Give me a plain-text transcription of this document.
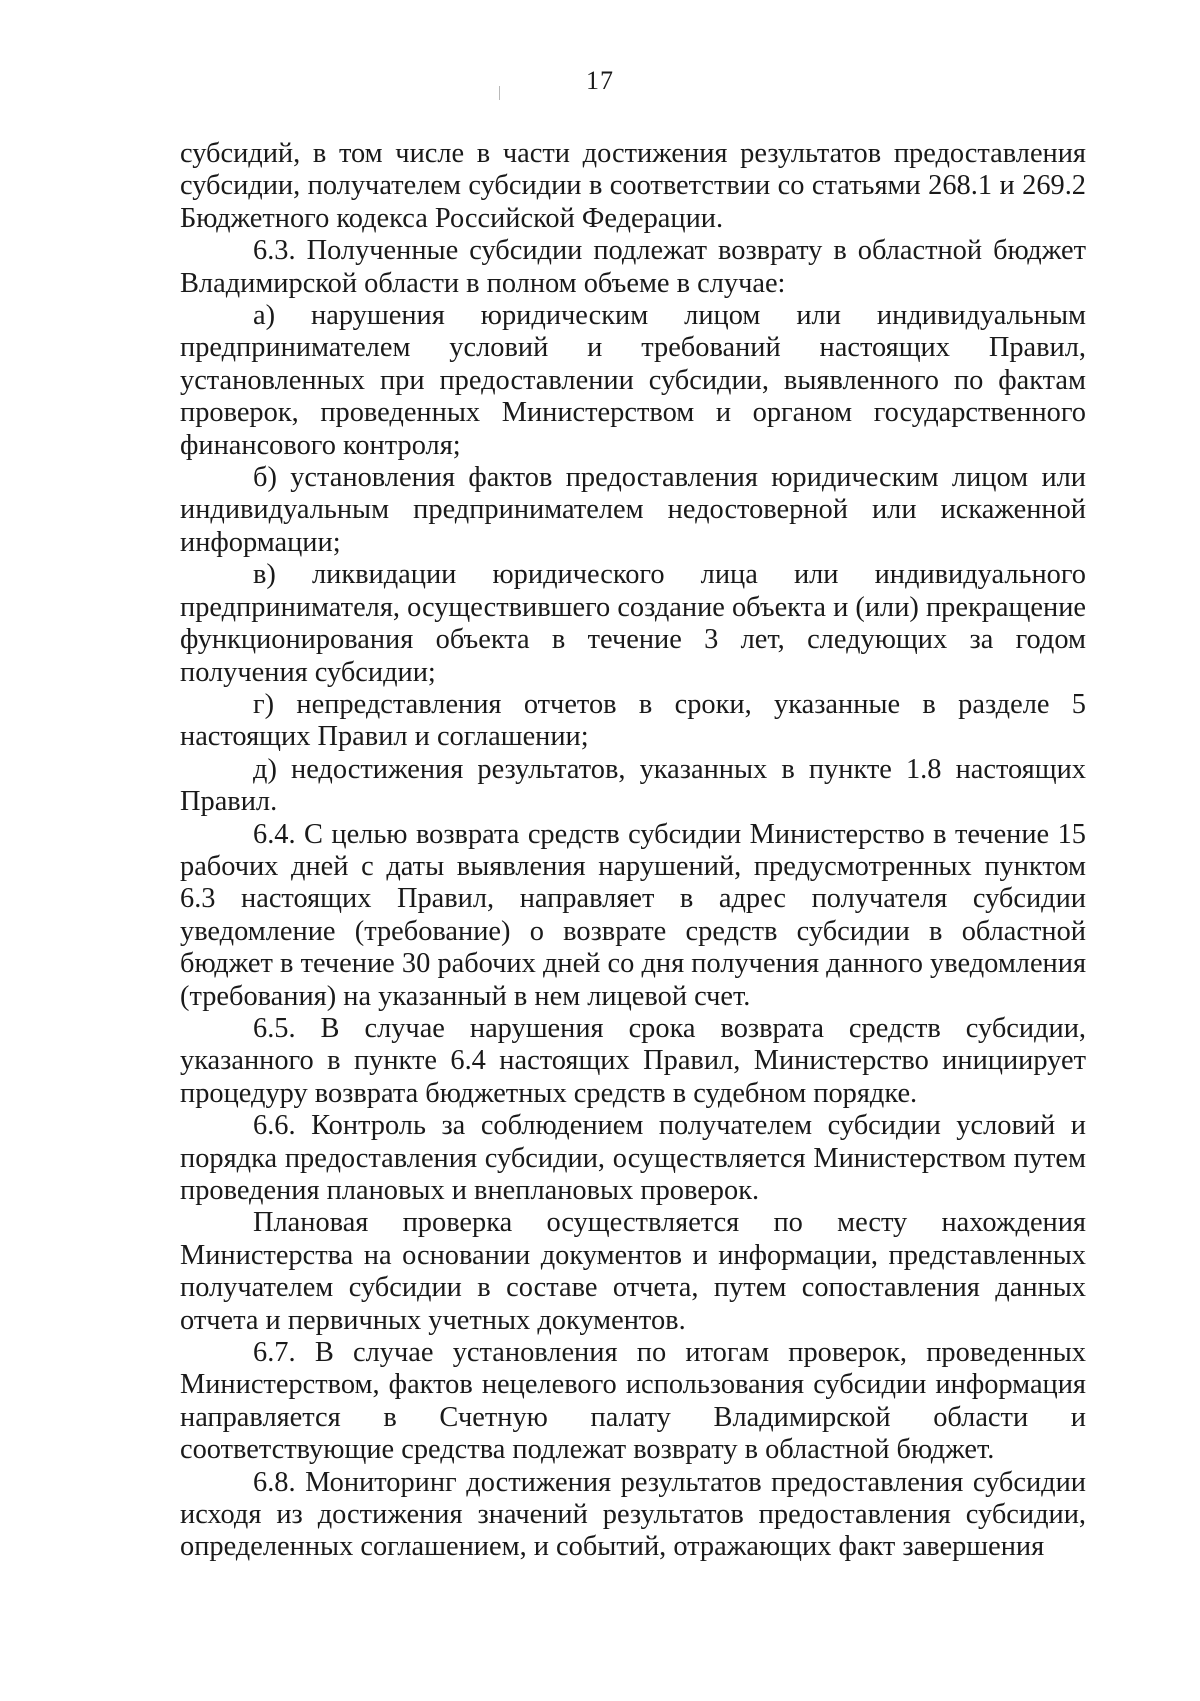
17

субсидий, в том числе в части достижения результатов предоставления субсидии, получателем субсидии в соответствии со статьями 268.1 и 269.2 Бюджетного кодекса Российской Федерации.

6.3. Полученные субсидии подлежат возврату в областной бюджет Владимирской области в полном объеме в случае:

а) нарушения юридическим лицом или индивидуальным предпринимателем условий и требований настоящих Правил, установленных при предоставлении субсидии, выявленного по фактам проверок, проведенных Министерством и органом государственного финансового контроля;

б) установления фактов предоставления юридическим лицом или индивидуальным предпринимателем недостоверной или искаженной информации;

в) ликвидации юридического лица или индивидуального предпринимателя, осуществившего создание объекта и (или) прекращение функционирования объекта в течение 3 лет, следующих за годом получения субсидии;

г) непредставления отчетов в сроки, указанные в разделе 5 настоящих Правил и соглашении;

д) недостижения результатов, указанных в пункте 1.8 настоящих Правил.

6.4. С целью возврата средств субсидии Министерство в течение 15 рабочих дней с даты выявления нарушений, предусмотренных пунктом 6.3 настоящих Правил, направляет в адрес получателя субсидии уведомление (требование) о возврате средств субсидии в областной бюджет в течение 30 рабочих дней со дня получения данного уведомления (требования) на указанный в нем лицевой счет.

6.5. В случае нарушения срока возврата средств субсидии, указанного в пункте 6.4 настоящих Правил, Министерство инициирует процедуру возврата бюджетных средств в судебном порядке.

6.6. Контроль за соблюдением получателем субсидии условий и порядка предоставления субсидии, осуществляется Министерством путем проведения плановых и внеплановых проверок.

Плановая проверка осуществляется по месту нахождения Министерства на основании документов и информации, представленных получателем субсидии в составе отчета, путем сопоставления данных отчета и первичных учетных документов.

6.7. В случае установления по итогам проверок, проведенных Министерством, фактов нецелевого использования субсидии информация направляется в Счетную палату Владимирской области и соответствующие средства подлежат возврату в областной бюджет.

6.8. Мониторинг достижения результатов предоставления субсидии исходя из достижения значений результатов предоставления субсидии, определенных соглашением, и событий, отражающих факт завершения
